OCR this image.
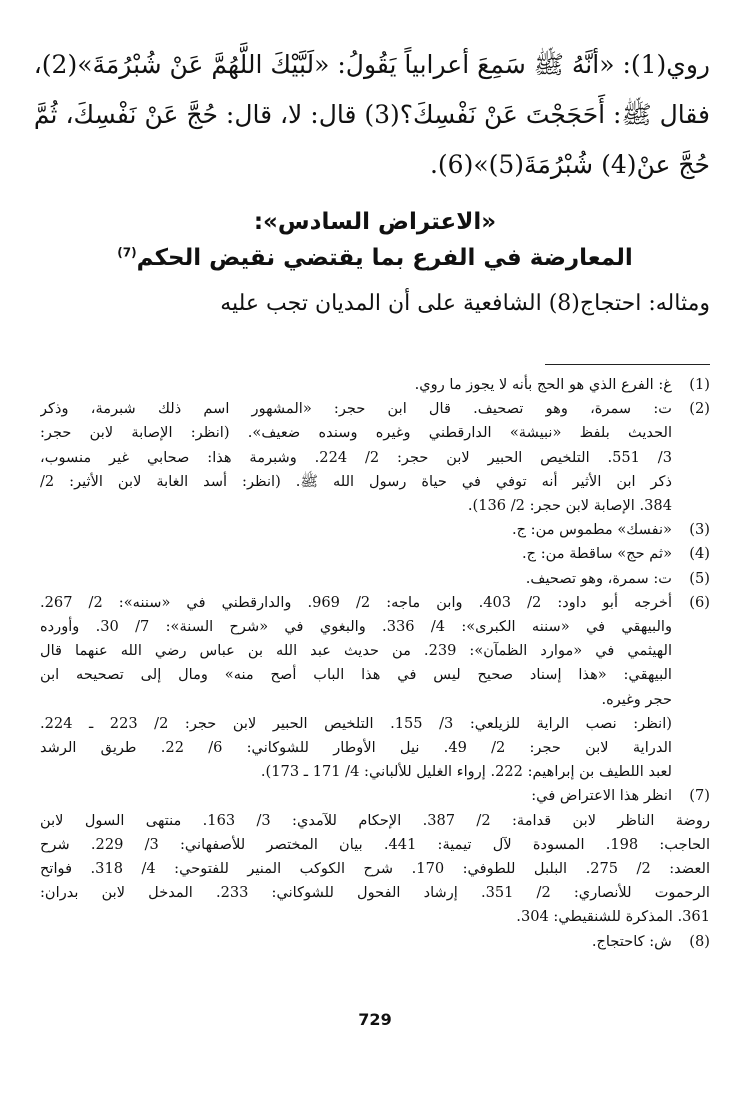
روي(1): «أنَّهُ ﷺ سَمِعَ أعرابياً يَقُولُ: «لَبَّيْكَ اللَّهُمَّ عَنْ شُبْرُمَةَ»(2)،
فقال ﷺ: أَحَجَجْتَ عَنْ نَفْسِكَ؟(3) قال: لا، قال: حُجَّ عَنْ نَفْسِكَ، ثُمَّ
حُجَّ عنْ(4) شُبْرُمَةَ(5)»(6).
«الاعتراض السادس»:
المعارضة في الفرع بما يقتضي نقيض الحكم$^{(7)}$
ومثاله: احتجاج(8) الشافعية على أن المديان تجب عليه
(1)
غ: الفرع الذي هو الحج بأنه لا يجوز ما روي.
(2)
ت: سمرة، وهو تصحيف. قال ابن حجر: «المشهور اسم ذلك شبرمة، وذكر
الحديث بلفظ «نبيشة» الدارقطني وغيره وسنده ضعيف». (انظر: الإصابة لابن حجر:
3/ 551. التلخيص الحبير لابن حجر: 2/ 224. وشبرمة هذا: صحابي غير منسوب،
ذكر ابن الأثير أنه توفي في حياة رسول الله ﷺ. (انظر: أسد الغابة لابن الأثير: 2/
384. الإصابة لابن حجر: 2/ 136).
(3)
«نفسك» مطموس من: ج.
(4)
«ثم حج» ساقطة من: ج.
(5)
ت: سمرة، وهو تصحيف.
(6)
أخرجه أبو داود: 2/ 403. وابن ماجه: 2/ 969. والدارقطني في «سننه»: 2/ 267.
والبيهقي في «سننه الكبرى»: 4/ 336. والبغوي في «شرح السنة»: 7/ 30. وأورده
الهيثمي في «موارد الظمآن»: 239. من حديث عبد الله بن عباس رضي الله عنهما قال
البيهقي: «هذا إسناد صحيح ليس في هذا الباب أصح منه» ومال إلى تصحيحه ابن
حجر وغيره.
(انظر: نصب الراية للزيلعي: 3/ 155. التلخيص الحبير لابن حجر: 2/ 223 ـ 224.
الدراية لابن حجر: 2/ 49. نيل الأوطار للشوكاني: 6/ 22. طريق الرشد
لعبد اللطيف بن إبراهيم: 222. إرواء الغليل للألباني: 4/ 171 ـ 173).
(7)
انظر هذا الاعتراض في:
روضة الناظر لابن قدامة: 2/ 387. الإحكام للآمدي: 3/ 163. منتهى السول لابن
الحاجب: 198. المسودة لآل تيمية: 441. بيان المختصر للأصفهاني: 3/ 229. شرح
العضد: 2/ 275. البلبل للطوفي: 170. شرح الكوكب المنير للفتوحي: 4/ 318. فواتح
الرحموت للأنصاري: 2/ 351. إرشاد الفحول للشوكاني: 233. المدخل لابن بدران:
361. المذكرة للشنقيطي: 304.
(8)
ش: كاحتجاج.
729
